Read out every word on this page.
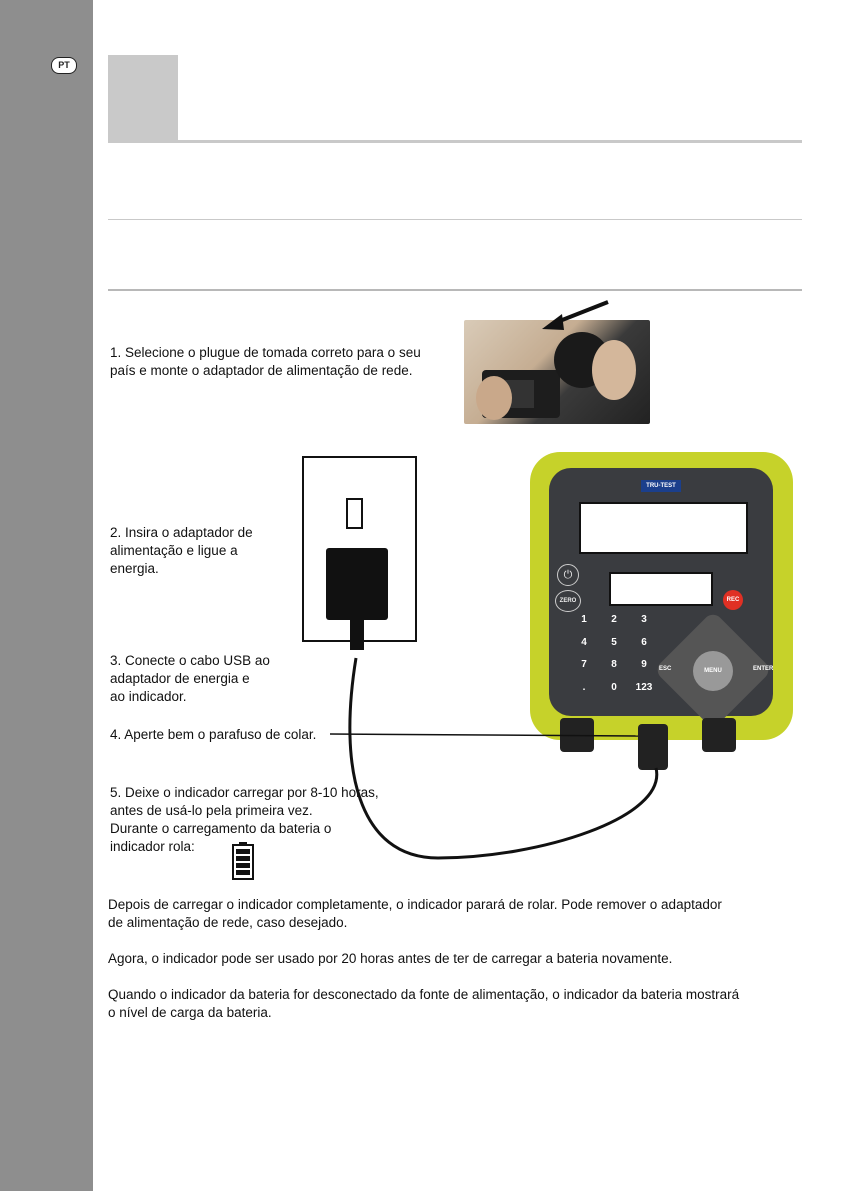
PT
1. Selecione o plugue de tomada correto para o seu
país e monte o adaptador de alimentação de rede.
2. Insira o adaptador de
alimentação e ligue a
energia.
3. Conecte o cabo USB ao
adaptador de energia e
ao indicador.
4. Aperte bem o parafuso de colar.
5. Deixe o indicador carregar por 8-10 horas,
antes de usá-lo pela primeira vez.
Durante o carregamento da bateria o
indicador rola:
TRU-TEST
⏻
ZERO	REC
1	2	3
4	5	6
7	8	9
.	0	123
MENU
ESC	ENTER
Depois de carregar o indicador completamente, o indicador parará de rolar. Pode remover o adaptador
de alimentação de rede, caso desejado.
Agora, o indicador pode ser usado por 20 horas antes de ter de carregar a bateria novamente.
Quando o indicador da bateria for desconectado da fonte de alimentação, o indicador da bateria mostrará
o nível de carga da bateria.
